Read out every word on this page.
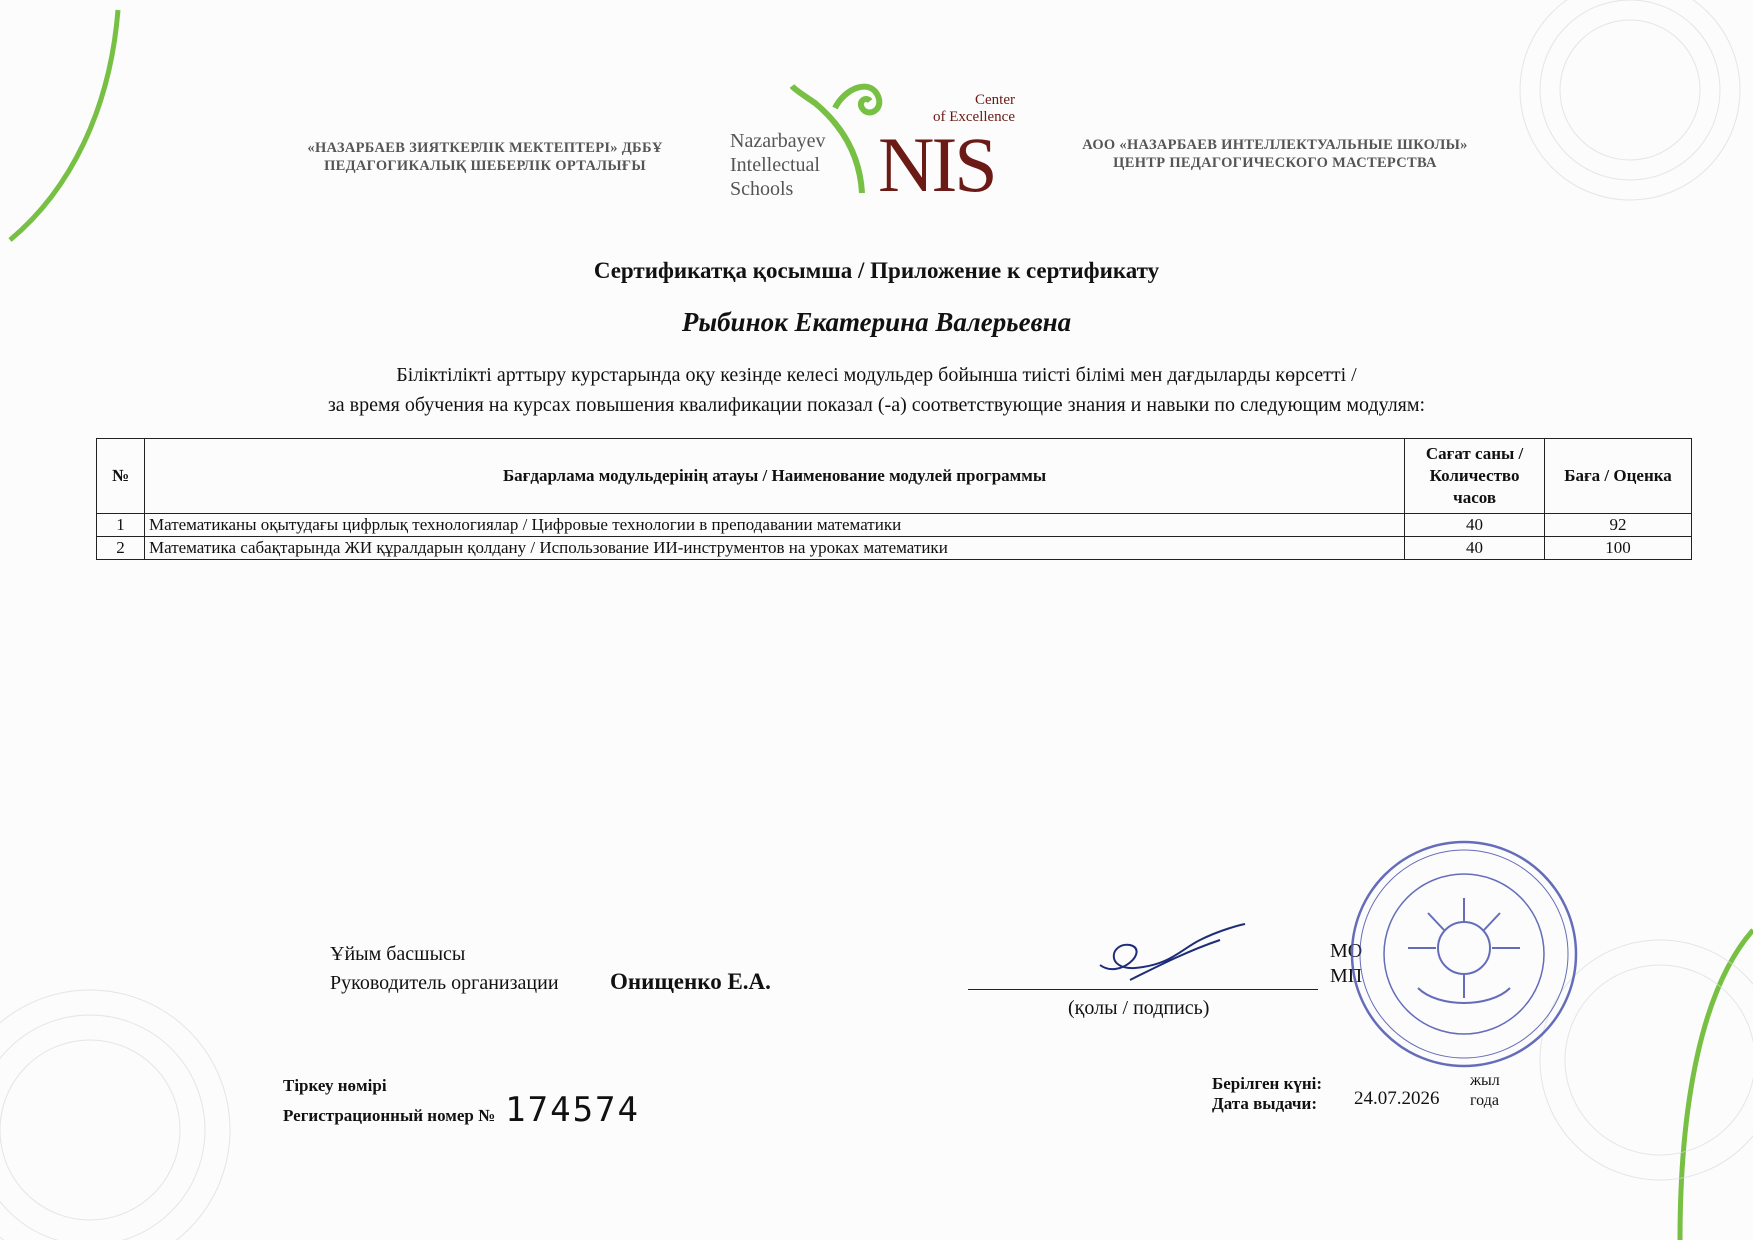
«НАЗАРБАЕВ ЗИЯТКЕРЛІК МЕКТЕПТЕРІ» ДББҰ
ПЕДАГОГИКАЛЫҚ ШЕБЕРЛІК ОРТАЛЫҒЫ
АОО «НАЗАРБАЕВ ИНТЕЛЛЕКТУАЛЬНЫЕ ШКОЛЫ»
ЦЕНТР ПЕДАГОГИЧЕСКОГО МАСТЕРСТВА
Nazarbayev
Intellectual
Schools
Center
of Excellence
NIS
Сертификатқа қосымша / Приложение к сертификату
Рыбинок Екатерина Валерьевна
Біліктілікті арттыру курстарында оқу кезінде келесі модульдер бойынша тиісті білімі мен дағдыларды көрсетті /
за время обучения на курсах повышения квалификации показал (-а) соответствующие знания и навыки по следующим модулям:
№	Бағдарлама модульдерінің атауы / Наименование модулей программы	Сағат саны /
Количество
часов	Баға / Оценка
1	Математиканы оқытудағы цифрлық технологиялар / Цифровые технологии в преподавании математики	40	92
2	Математика сабақтарында ЖИ құралдарын қолдану / Использование ИИ-инструментов на уроках математики	40	100
Ұйым басшысы
Руководитель организации Онищенко Е.А.
(қолы / подпись)
МО
МП
Тіркеу нөмірі
Регистрационный номер № 174574
Берілген күні:
Дата выдачи: 24.07.2026
жыл
года
